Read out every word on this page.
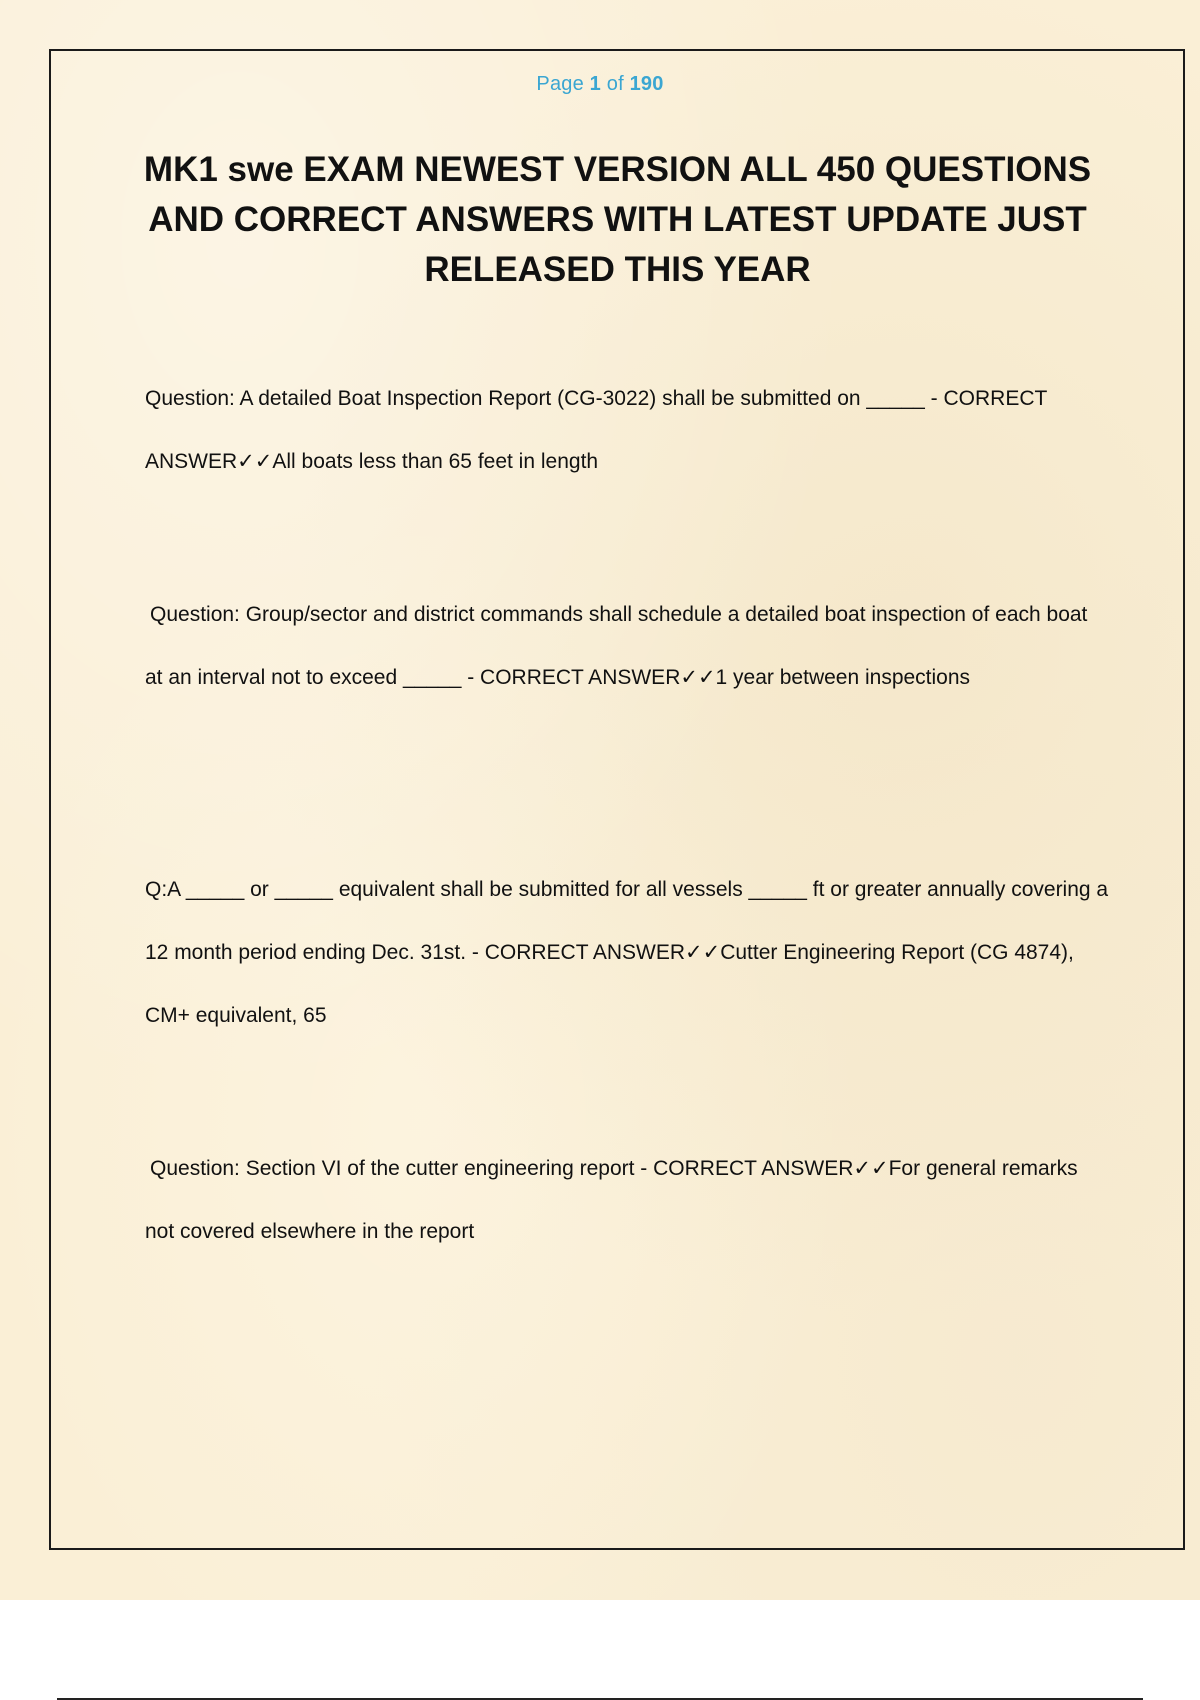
Page 1 of 190
MK1 swe EXAM NEWEST VERSION ALL 450 QUESTIONS AND CORRECT ANSWERS WITH LATEST UPDATE JUST RELEASED THIS YEAR
Question: A detailed Boat Inspection Report (CG-3022) shall be submitted on _____ - CORRECT ANSWER✓✓All boats less than 65 feet in length
Question: Group/sector and district commands shall schedule a detailed boat inspection of each boat at an interval not to exceed _____ - CORRECT ANSWER✓✓1 year between inspections
Q:A _____ or _____ equivalent shall be submitted for all vessels _____ ft or greater annually covering a 12 month period ending Dec. 31st. - CORRECT ANSWER✓✓Cutter Engineering Report (CG 4874), CM+ equivalent, 65
Question: Section VI of the cutter engineering report - CORRECT ANSWER✓✓For general remarks not covered elsewhere in the report
